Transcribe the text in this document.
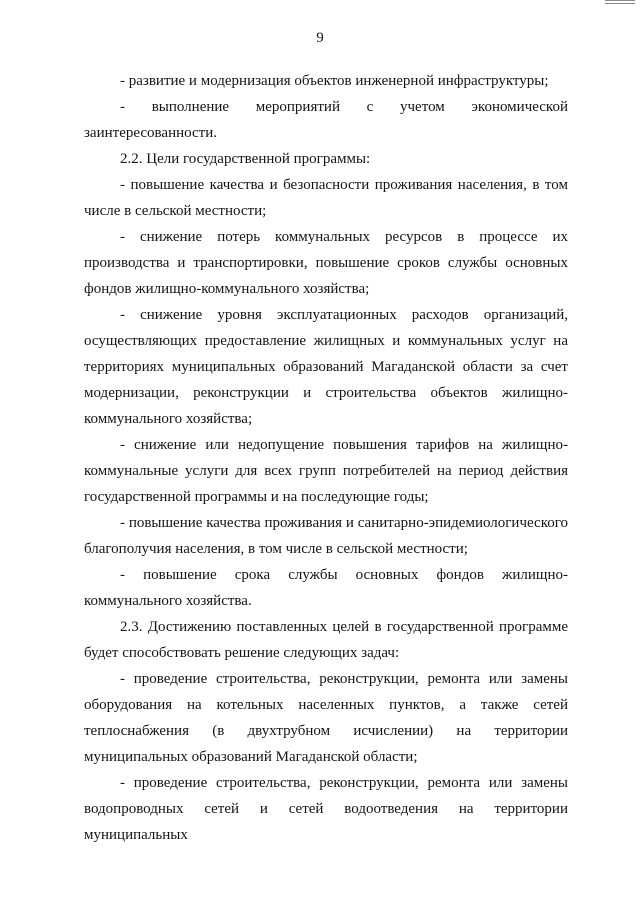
9

- развитие и модернизация объектов инженерной инфраструктуры;

- выполнение мероприятий с учетом экономической заинтересованности.

2.2. Цели государственной программы:

- повышение качества и безопасности проживания населения, в том числе в сельской местности;

- снижение потерь коммунальных ресурсов в процессе их производства и транспортировки, повышение сроков службы основных фондов жилищно-коммунального хозяйства;

- снижение уровня эксплуатационных расходов организаций, осуществляющих предоставление жилищных и коммунальных услуг на территориях муниципальных образований Магаданской области за счет модернизации, реконструкции и строительства объектов жилищно-коммунального хозяйства;

- снижение или недопущение повышения тарифов на жилищно-коммунальные услуги для всех групп потребителей на период действия государственной программы и на последующие годы;

- повышение качества проживания и санитарно-эпидемиологического благополучия населения, в том числе в сельской местности;

- повышение срока службы основных фондов жилищно-коммунального хозяйства.

2.3. Достижению поставленных целей в государственной программе будет способствовать решение следующих задач:

- проведение строительства, реконструкции, ремонта или замены оборудования на котельных населенных пунктов, а также сетей теплоснабжения (в двухтрубном исчислении) на территории муниципальных образований Магаданской области;

- проведение строительства, реконструкции, ремонта или замены водопроводных сетей и сетей водоотведения на территории муниципальных
